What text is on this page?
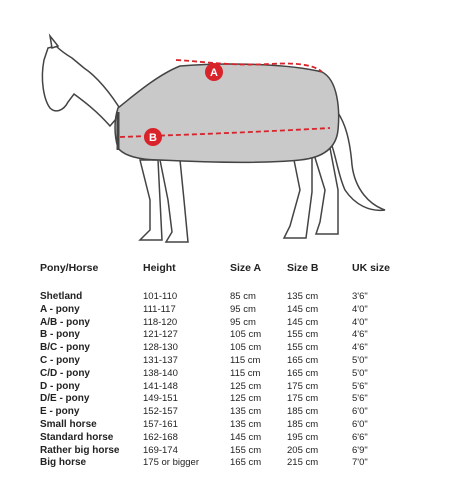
A
B
Pony/Horse	Height	Size A Size B	UK size
Shetland	101-110	85 cm	135 cm	3'6"
A - pony	111-117	95 cm	145 cm	4'0"
A/B - pony	118-120	95 cm	145 cm	4'0"
B - pony	121-127	105 cm	155 cm	4'6"
B/C - pony	128-130	105 cm	155 cm	4'6"
C - pony	131-137	115 cm	165 cm	5'0"
C/D - pony	138-140	115 cm	165 cm	5'0"
D - pony	141-148	125 cm	175 cm	5'6"
D/E - pony	149-151	125 cm	175 cm	5'6"
E - pony	152-157	135 cm	185 cm	6'0"
Small horse	157-161	135 cm	185 cm	6'0"
Standard horse	162-168	145 cm	195 cm	6'6"
Rather big horse 169-174	155 cm	205 cm	6'9"
Big horse	175 or bigger	165 cm	215 cm	7'0"
